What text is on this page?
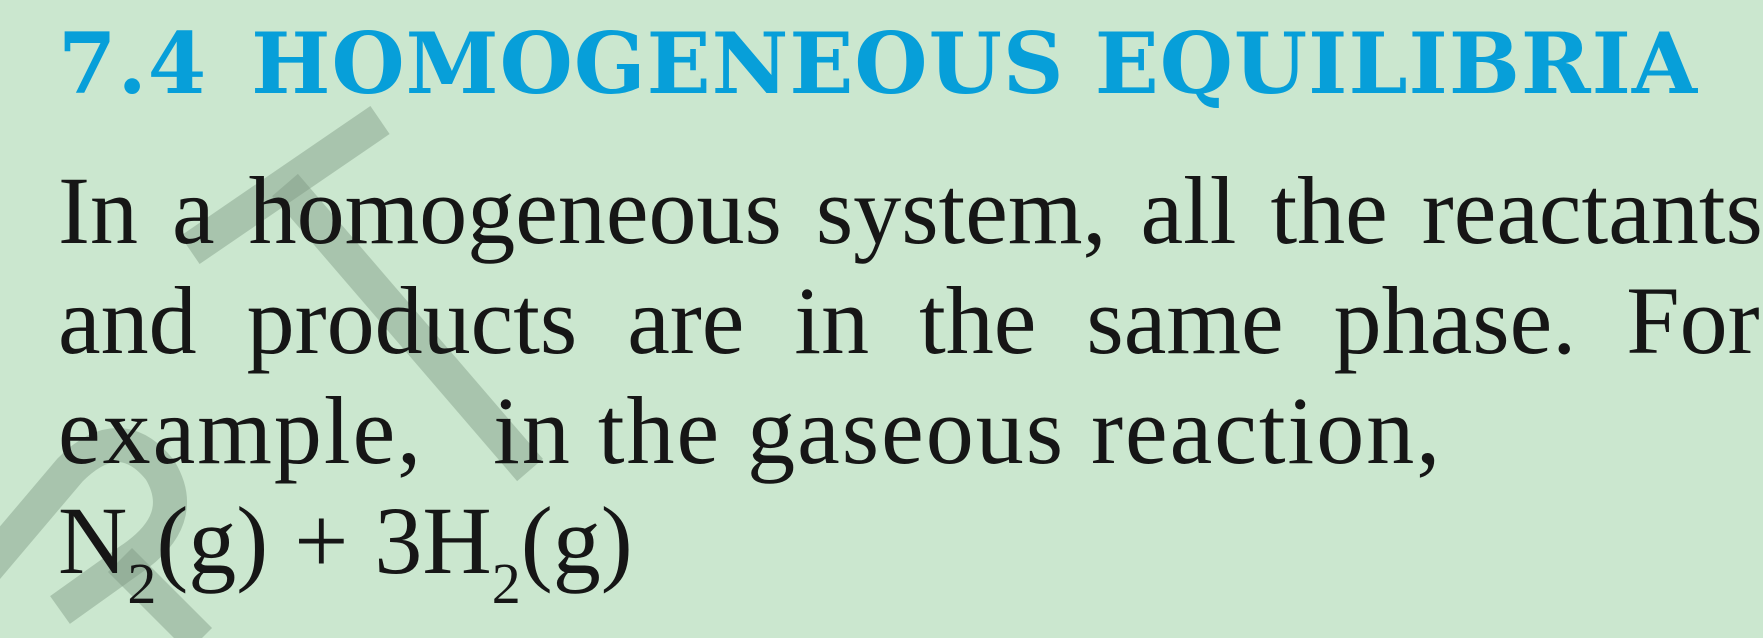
7.4 HOMOGENEOUS EQUILIBRIA
In a homogeneous system, all the reactants
and products are in the same phase. For
example, in the gaseous reaction,
$N_2(g) + 3H_2(g)$
